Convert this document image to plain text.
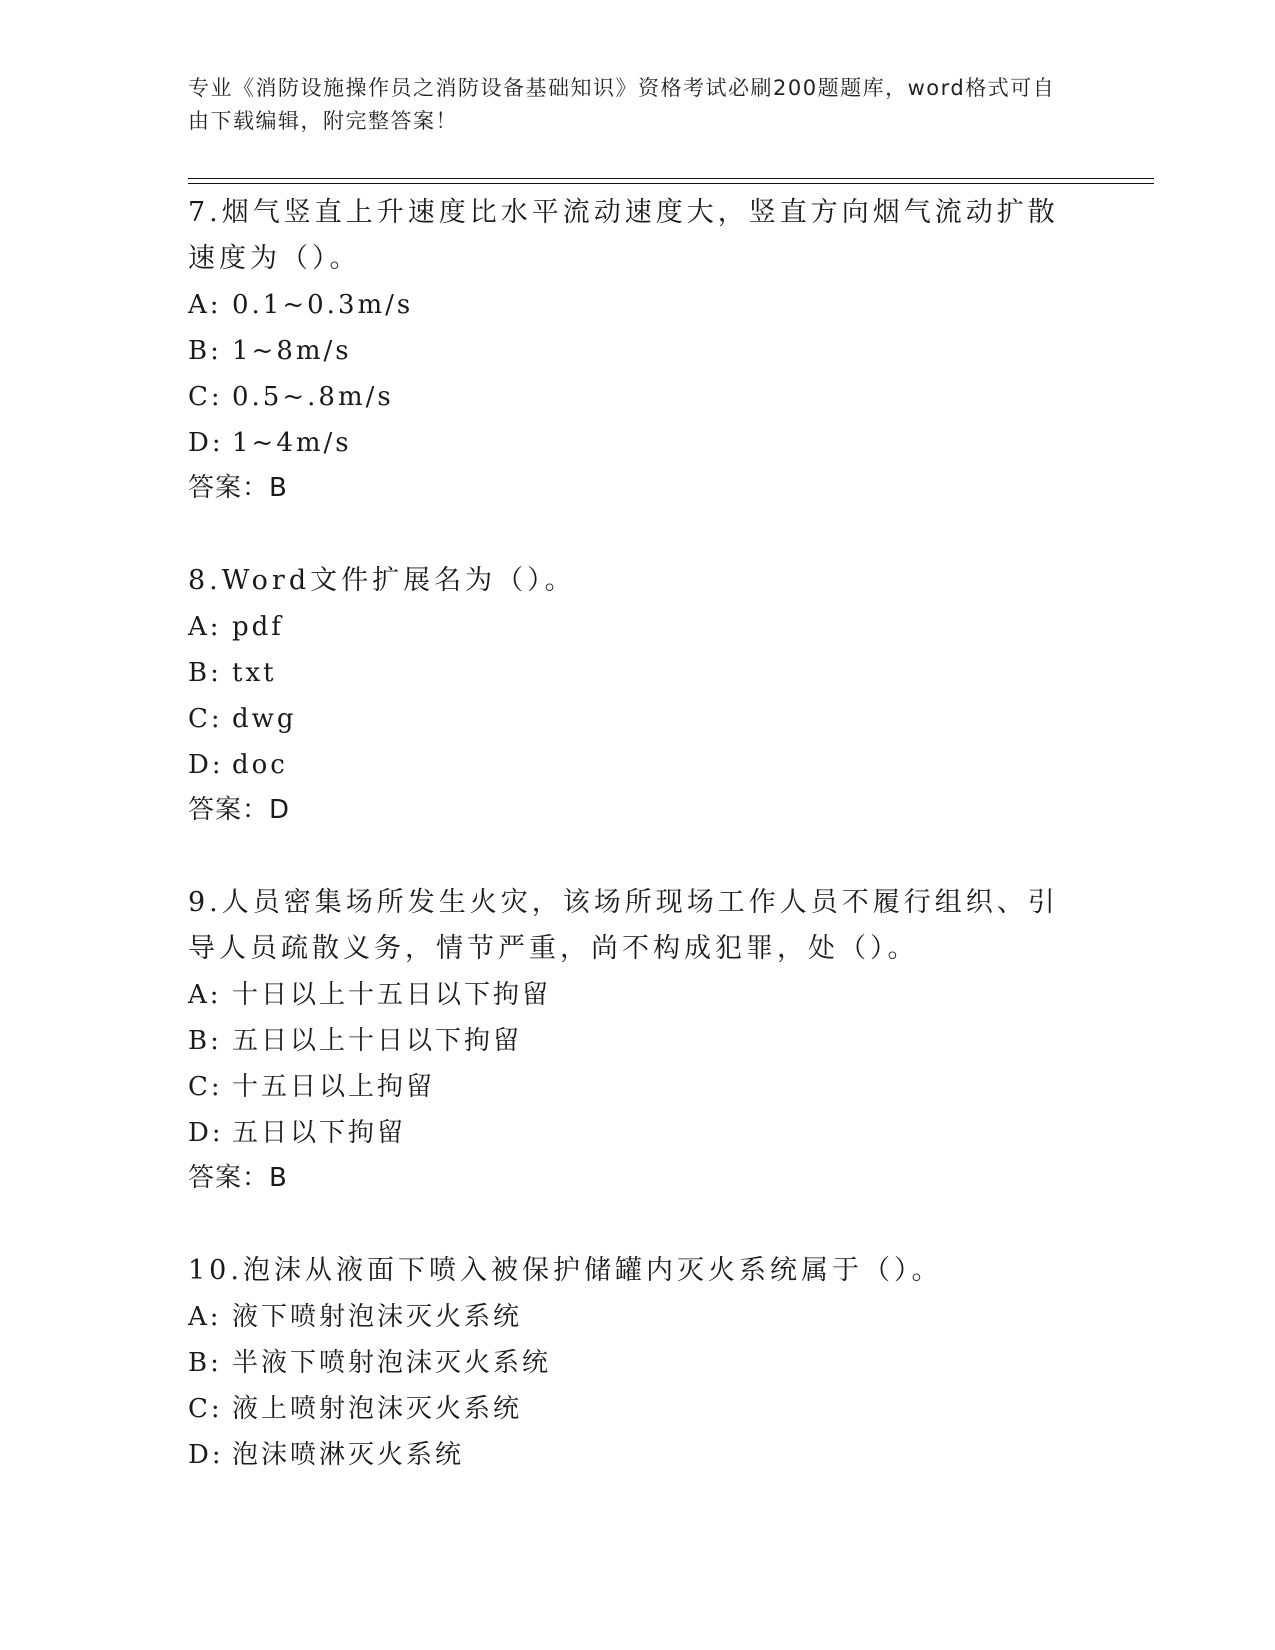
专业《消防设施操作员之消防设备基础知识》资格考试必刷200题题库，word格式可自由下载编辑，附完整答案！

7.烟气竖直上升速度比水平流动速度大，竖直方向烟气流动扩散速度为（）。

A: 0.1~0.3m/s

B: 1~8m/s

C: 0.5~.8m/s

D: 1~4m/s

答案：B

8.Word文件扩展名为（）。

A: pdf

B: txt

C: dwg

D: doc

答案：D

9.人员密集场所发生火灾，该场所现场工作人员不履行组织、引导人员疏散义务，情节严重，尚不构成犯罪，处（）。

A: 十日以上十五日以下拘留

B: 五日以上十日以下拘留

C: 十五日以上拘留

D: 五日以下拘留

答案：B

10.泡沫从液面下喷入被保护储罐内灭火系统属于（）。

A: 液下喷射泡沫灭火系统

B: 半液下喷射泡沫灭火系统

C: 液上喷射泡沫灭火系统

D: 泡沫喷淋灭火系统
